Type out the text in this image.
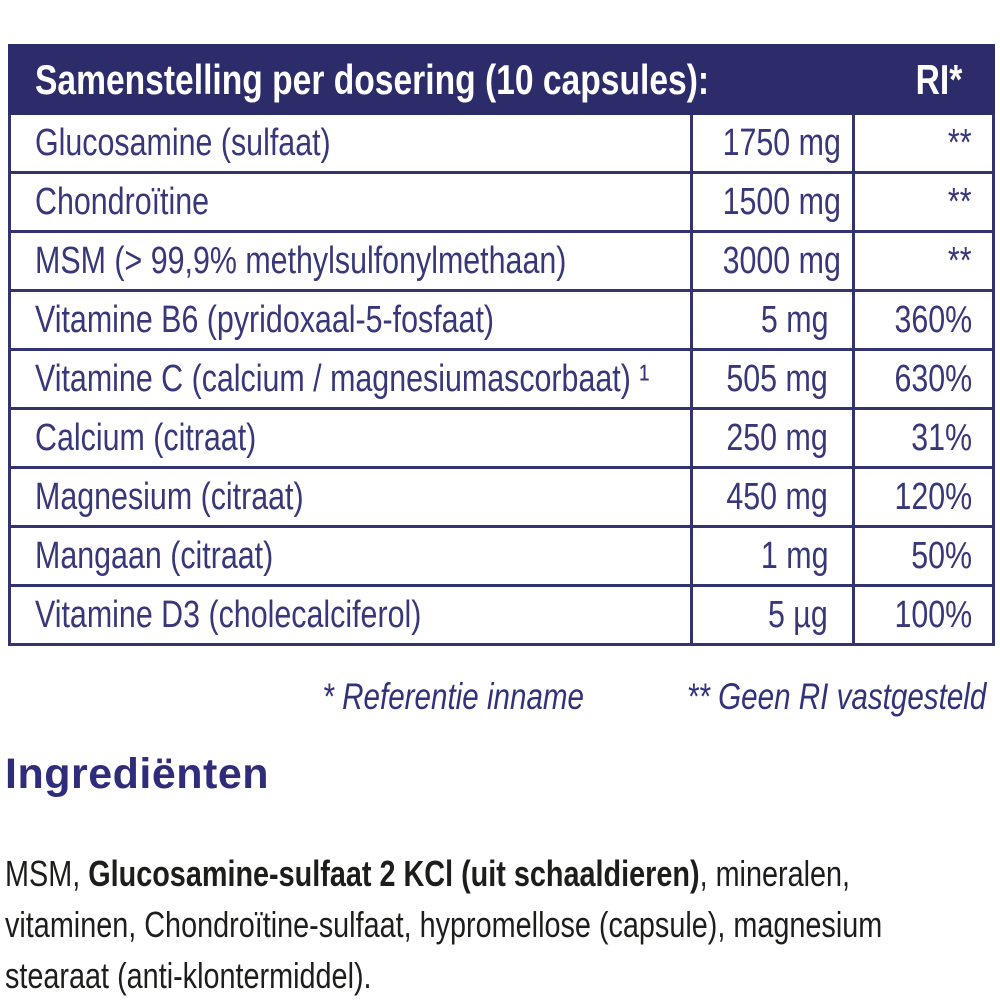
Samenstelling per dosering (10 capsules):		RI*
Glucosamine (sulfaat)	1750 mg	**
Chondroïtine	1500 mg	**
MSM (> 99,9% methylsulfonylmethaan)	3000 mg	**
Vitamine B6 (pyridoxaal-5-fosfaat)	5 mg	360%
Vitamine C (calcium / magnesiumascorbaat) ¹	505 mg	630%
Calcium (citraat)	250 mg	31%
Magnesium (citraat)	450 mg	120%
Mangaan (citraat)	1 mg	50%
Vitamine D3 (cholecalciferol)	5 µg	100%
* Referentie inname	** Geen RI vastgesteld
Ingrediënten

MSM, Glucosamine-sulfaat 2 KCl (uit schaaldieren), mineralen, vitaminen, Chondroïtine-sulfaat, hypromellose (capsule), magnesium stearaat (anti-klontermiddel).
